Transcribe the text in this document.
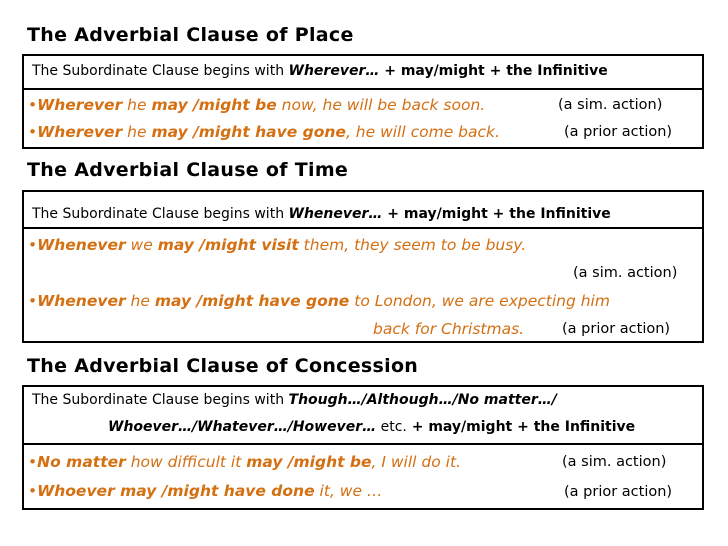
The Adverbial Clause of Place
The Subordinate Clause begins with Wherever… + may/might + the Infinitive
•Wherever he may /might be now, he will be back soon.	(a sim. action)
•Wherever he may /might have gone, he will come back.	(a prior action)
The Adverbial Clause of Time
The Subordinate Clause begins with Whenever… + may/might + the Infinitive
•Whenever we may /might visit them, they seem to be busy.
(a sim. action)
•Whenever he may /might have gone to London, we are expecting him
back for Christmas.	(a prior action)
The Adverbial Clause of Concession
The Subordinate Clause begins with Though…/Although…/No matter…/
Whoever…/Whatever…/However… etc. + may/might + the Infinitive
•No matter how difficult it may /might be, I will do it.	(a sim. action)
•Whoever may /might have done it, we …	(a prior action)
